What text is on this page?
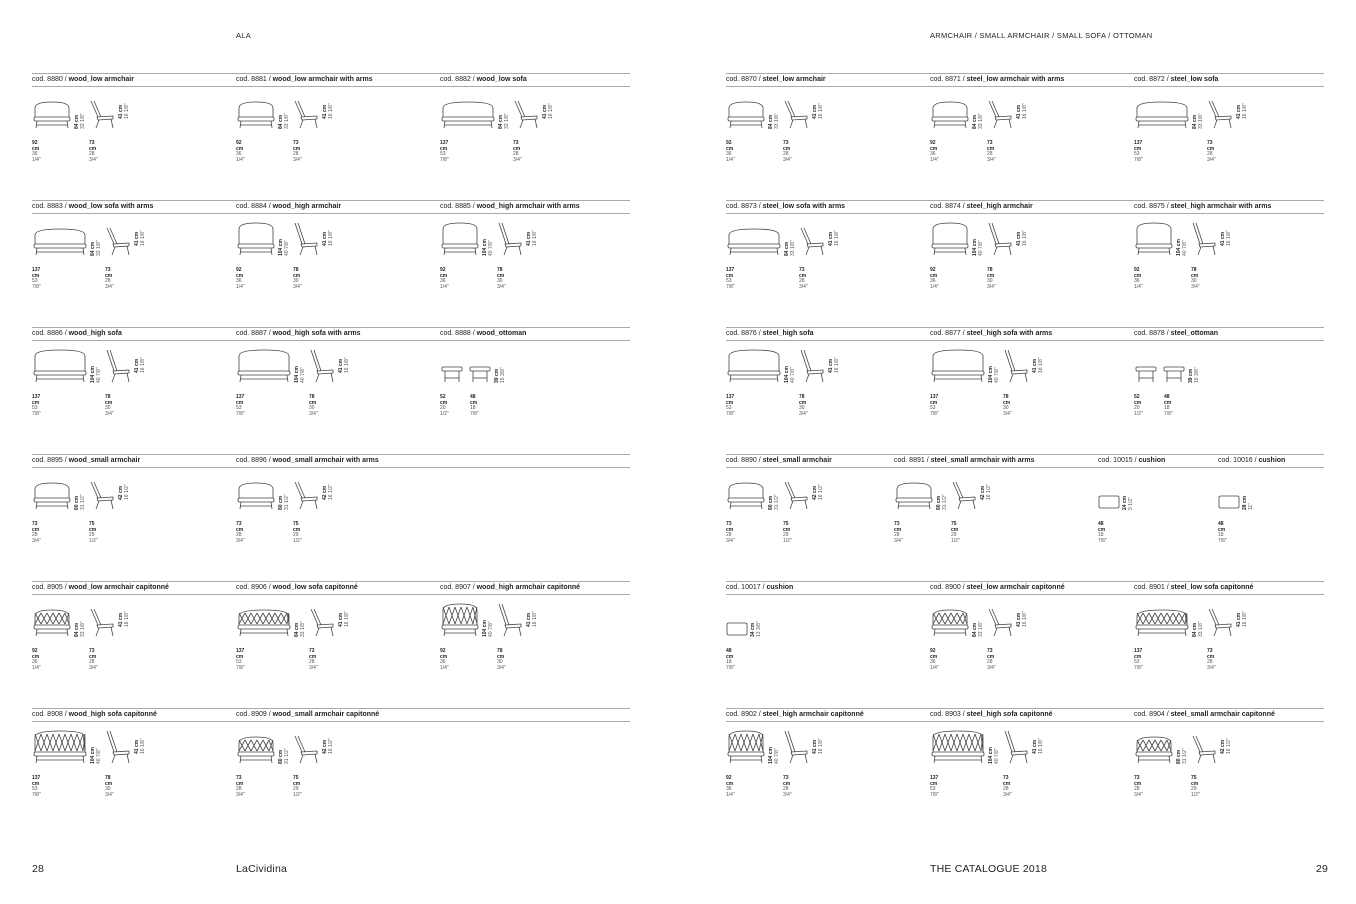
ALA
cod. 8880 / wood_low armchair
92 cm
36 1/4"
84 cm
33 1/8"
73 cm
28 3/4"
41 cm
16 1/8"
cod. 8881 / wood_low armchair with arms
92 cm
36 1/4"
84 cm
33 1/8"
73 cm
28 3/4"
41 cm
16 1/8"
cod. 8882 / wood_low sofa
137 cm
53 7/8"
84 cm
33 1/8"
73 cm
28 3/4"
41 cm
16 1/8"
cod. 8883 / wood_low sofa with arms
137 cm
53 7/8"
84 cm
33 1/8"
73 cm
28 3/4"
41 cm
16 1/8"
cod. 8884 / wood_high armchair
92 cm
36 1/4"
104 cm
40 7/8"
78 cm
30 3/4"
41 cm
16 1/8"
cod. 8885 / wood_high armchair with arms
92 cm
36 1/4"
104 cm
40 7/8"
78 cm
30 3/4"
41 cm
16 1/8"
cod. 8886 / wood_high sofa
137 cm
53 7/8"
104 cm
40 7/8"
78 cm
30 3/4"
41 cm
16 1/8"
cod. 8887 / wood_high sofa with arms
137 cm
53 7/8"
104 cm
40 7/8"
78 cm
30 3/4"
41 cm
16 1/8"
cod. 8888 / wood_ottoman
52 cm
20 1/2"
48 cm
18 7/8"
39 cm
15 3/8"
cod. 8895 / wood_small armchair
73 cm
28 3/4"
80 cm
31 1/2"
75 cm
29 1/2"
42 cm
16 1/2"
cod. 8896 / wood_small armchair with arms
73 cm
28 3/4"
80 cm
31 1/2"
75 cm
29 1/2"
42 cm
16 1/2"
cod. 8905 / wood_low armchair capitonné
92 cm
36 1/4"
84 cm
33 1/8"
73 cm
28 3/4"
41 cm
16 1/8"
cod. 8906 / wood_low sofa capitonné
137 cm
53 7/8"
84 cm
33 1/8"
73 cm
28 3/4"
41 cm
16 1/8"
cod. 8907 / wood_high armchair capitonné
92 cm
36 1/4"
104 cm
40 7/8"
78 cm
30 3/4"
41 cm
16 1/8"
cod. 8908 / wood_high sofa capitonné
137 cm
53 7/8"
104 cm
40 7/8"
78 cm
30 3/4"
41 cm
16 1/8"
cod. 8909 / wood_small armchair capitonné
73 cm
28 3/4"
80 cm
31 1/2"
75 cm
29 1/2"
42 cm
16 1/2"
28	LaCividina
ARMCHAIR / SMALL ARMCHAIR / SMALL SOFA / OTTOMAN
cod. 8870 / steel_low armchair
92 cm
36 1/4"
84 cm
33 1/8"
73 cm
28 3/4"
41 cm
16 1/8"
cod. 8871 / steel_low armchair with arms
92 cm
36 1/4"
84 cm
33 1/8"
73 cm
28 3/4"
41 cm
16 1/8"
cod. 8872 / steel_low sofa
137 cm
53 7/8"
84 cm
33 1/8"
73 cm
28 3/4"
41 cm
16 1/8"
cod. 8873 / steel_low sofa with arms
137 cm
53 7/8"
84 cm
33 1/8"
73 cm
28 3/4"
41 cm
16 1/8"
cod. 8874 / steel_high armchair
92 cm
36 1/4"
104 cm
40 7/8"
78 cm
30 3/4"
41 cm
16 1/8"
cod. 8875 / steel_high armchair with arms
92 cm
36 1/4"
104 cm
40 7/8"
78 cm
30 3/4"
41 cm
16 1/8"
cod. 8876 / steel_high sofa
137 cm
53 7/8"
104 cm
40 7/8"
78 cm
30 3/4"
41 cm
16 1/8"
cod. 8877 / steel_high sofa with arms
137 cm
53 7/8"
104 cm
40 7/8"
78 cm
30 3/4"
41 cm
16 1/8"
cod. 8878 / steel_ottoman
52 cm
20 1/2"
48 cm
18 7/8"
39 cm
15 3/8"
cod. 8890 / steel_small armchair
73 cm
28 3/4"
80 cm
31 1/2"
75 cm
29 1/2"
42 cm
16 1/2"
cod. 8891 / steel_small armchair with arms
73 cm
28 3/4"
80 cm
31 1/2"
75 cm
29 1/2"
42 cm
16 1/2"
cod. 10015 / cushion
48 cm
18 7/8"
24 cm
9 1/2"
cod. 10016 / cushion
48 cm
18 7/8"
28 cm
11"
cod. 10017 / cushion
48 cm
18 7/8"
34 cm
13 3/8"
cod. 8900 / steel_low armchair capitonné
92 cm
36 1/4"
84 cm
33 1/8"
73 cm
28 3/4"
41 cm
16 1/8"
cod. 8901 / steel_low sofa capitonné
137 cm
53 7/8"
84 cm
33 1/8"
73 cm
28 3/4"
41 cm
16 1/8"
cod. 8902 / steel_high armchair capitonné
92 cm
36 1/4"
104 cm
40 7/8"
73 cm
28 3/4"
41 cm
16 1/8"
cod. 8903 / steel_high sofa capitonné
137 cm
53 7/8"
104 cm
40 7/8"
73 cm
28 3/4"
41 cm
16 1/8"
cod. 8904 / steel_small armchair capitonné
73 cm
28 3/4"
80 cm
31 1/2"
75 cm
29 1/2"
42 cm
16 1/2"
THE CATALOGUE 2018	29
